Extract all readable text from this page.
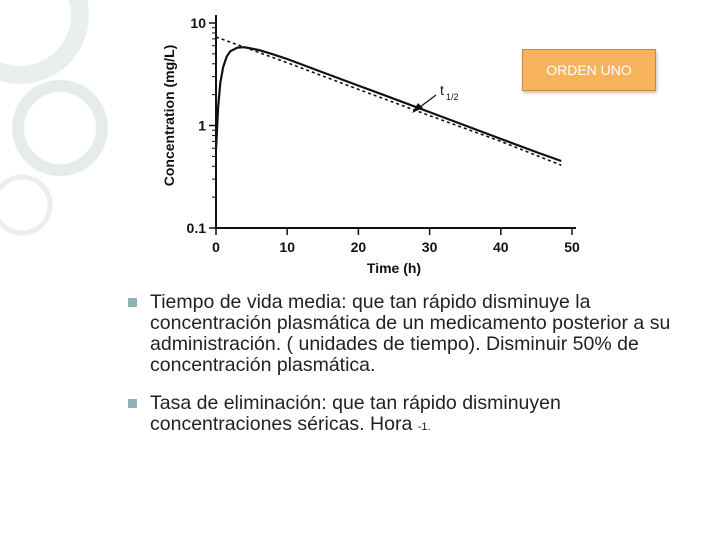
0	10	20	30	40	50
10
1
0.1
Time (h)
Concentration (mg/L)	t 1/2
ORDEN UNO
Tiempo de vida media: que tan rápido disminuye la concentración plasmática de un medicamento posterior a su administración. ( unidades de tiempo). Disminuir 50% de concentración plasmática.
Tasa de eliminación: que tan rápido disminuyen concentraciones séricas. Hora -1.
